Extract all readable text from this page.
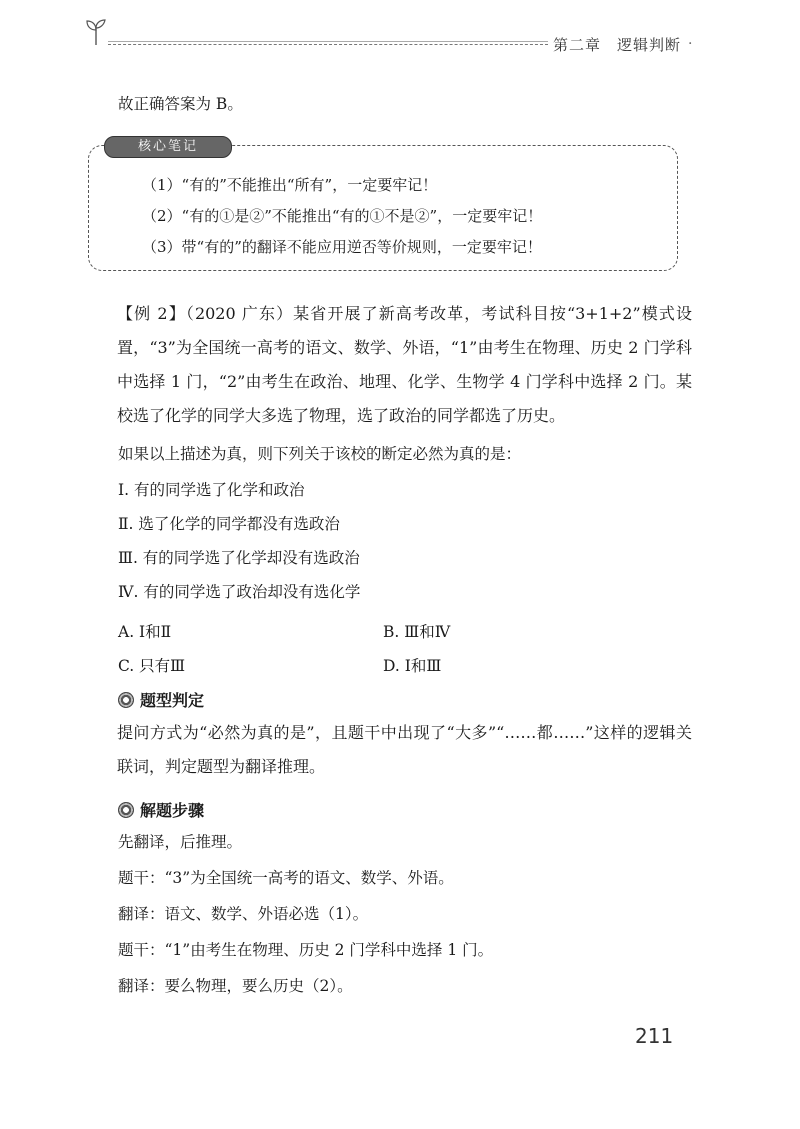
第二章 逻辑判断 ·
故正确答案为 B。
核心笔记
（1）“有的”不能推出“所有”，一定要牢记！
（2）“有的①是②”不能推出“有的①不是②”，一定要牢记！
（3）带“有的”的翻译不能应用逆否等价规则，一定要牢记！
【例 2】（2020 广东）某省开展了新高考改革，考试科目按“3+1+2”模式设置，“3”为全国统一高考的语文、数学、外语，“1”由考生在物理、历史 2 门学科中选择 1 门，“2”由考生在政治、地理、化学、生物学 4 门学科中选择 2 门。某校选了化学的同学大多选了物理，选了政治的同学都选了历史。
如果以上描述为真，则下列关于该校的断定必然为真的是：
Ⅰ. 有的同学选了化学和政治
Ⅱ. 选了化学的同学都没有选政治
Ⅲ. 有的同学选了化学却没有选政治
Ⅳ. 有的同学选了政治却没有选化学
A. Ⅰ和Ⅱ	B. Ⅲ和Ⅳ
C. 只有Ⅲ	D. Ⅰ和Ⅲ
题型判定
提问方式为“必然为真的是”，且题干中出现了“大多”“……都……”这样的逻辑关联词，判定题型为翻译推理。
解题步骤
先翻译，后推理。
题干：“3”为全国统一高考的语文、数学、外语。
翻译：语文、数学、外语必选（1）。
题干：“1”由考生在物理、历史 2 门学科中选择 1 门。
翻译：要么物理，要么历史（2）。
211
